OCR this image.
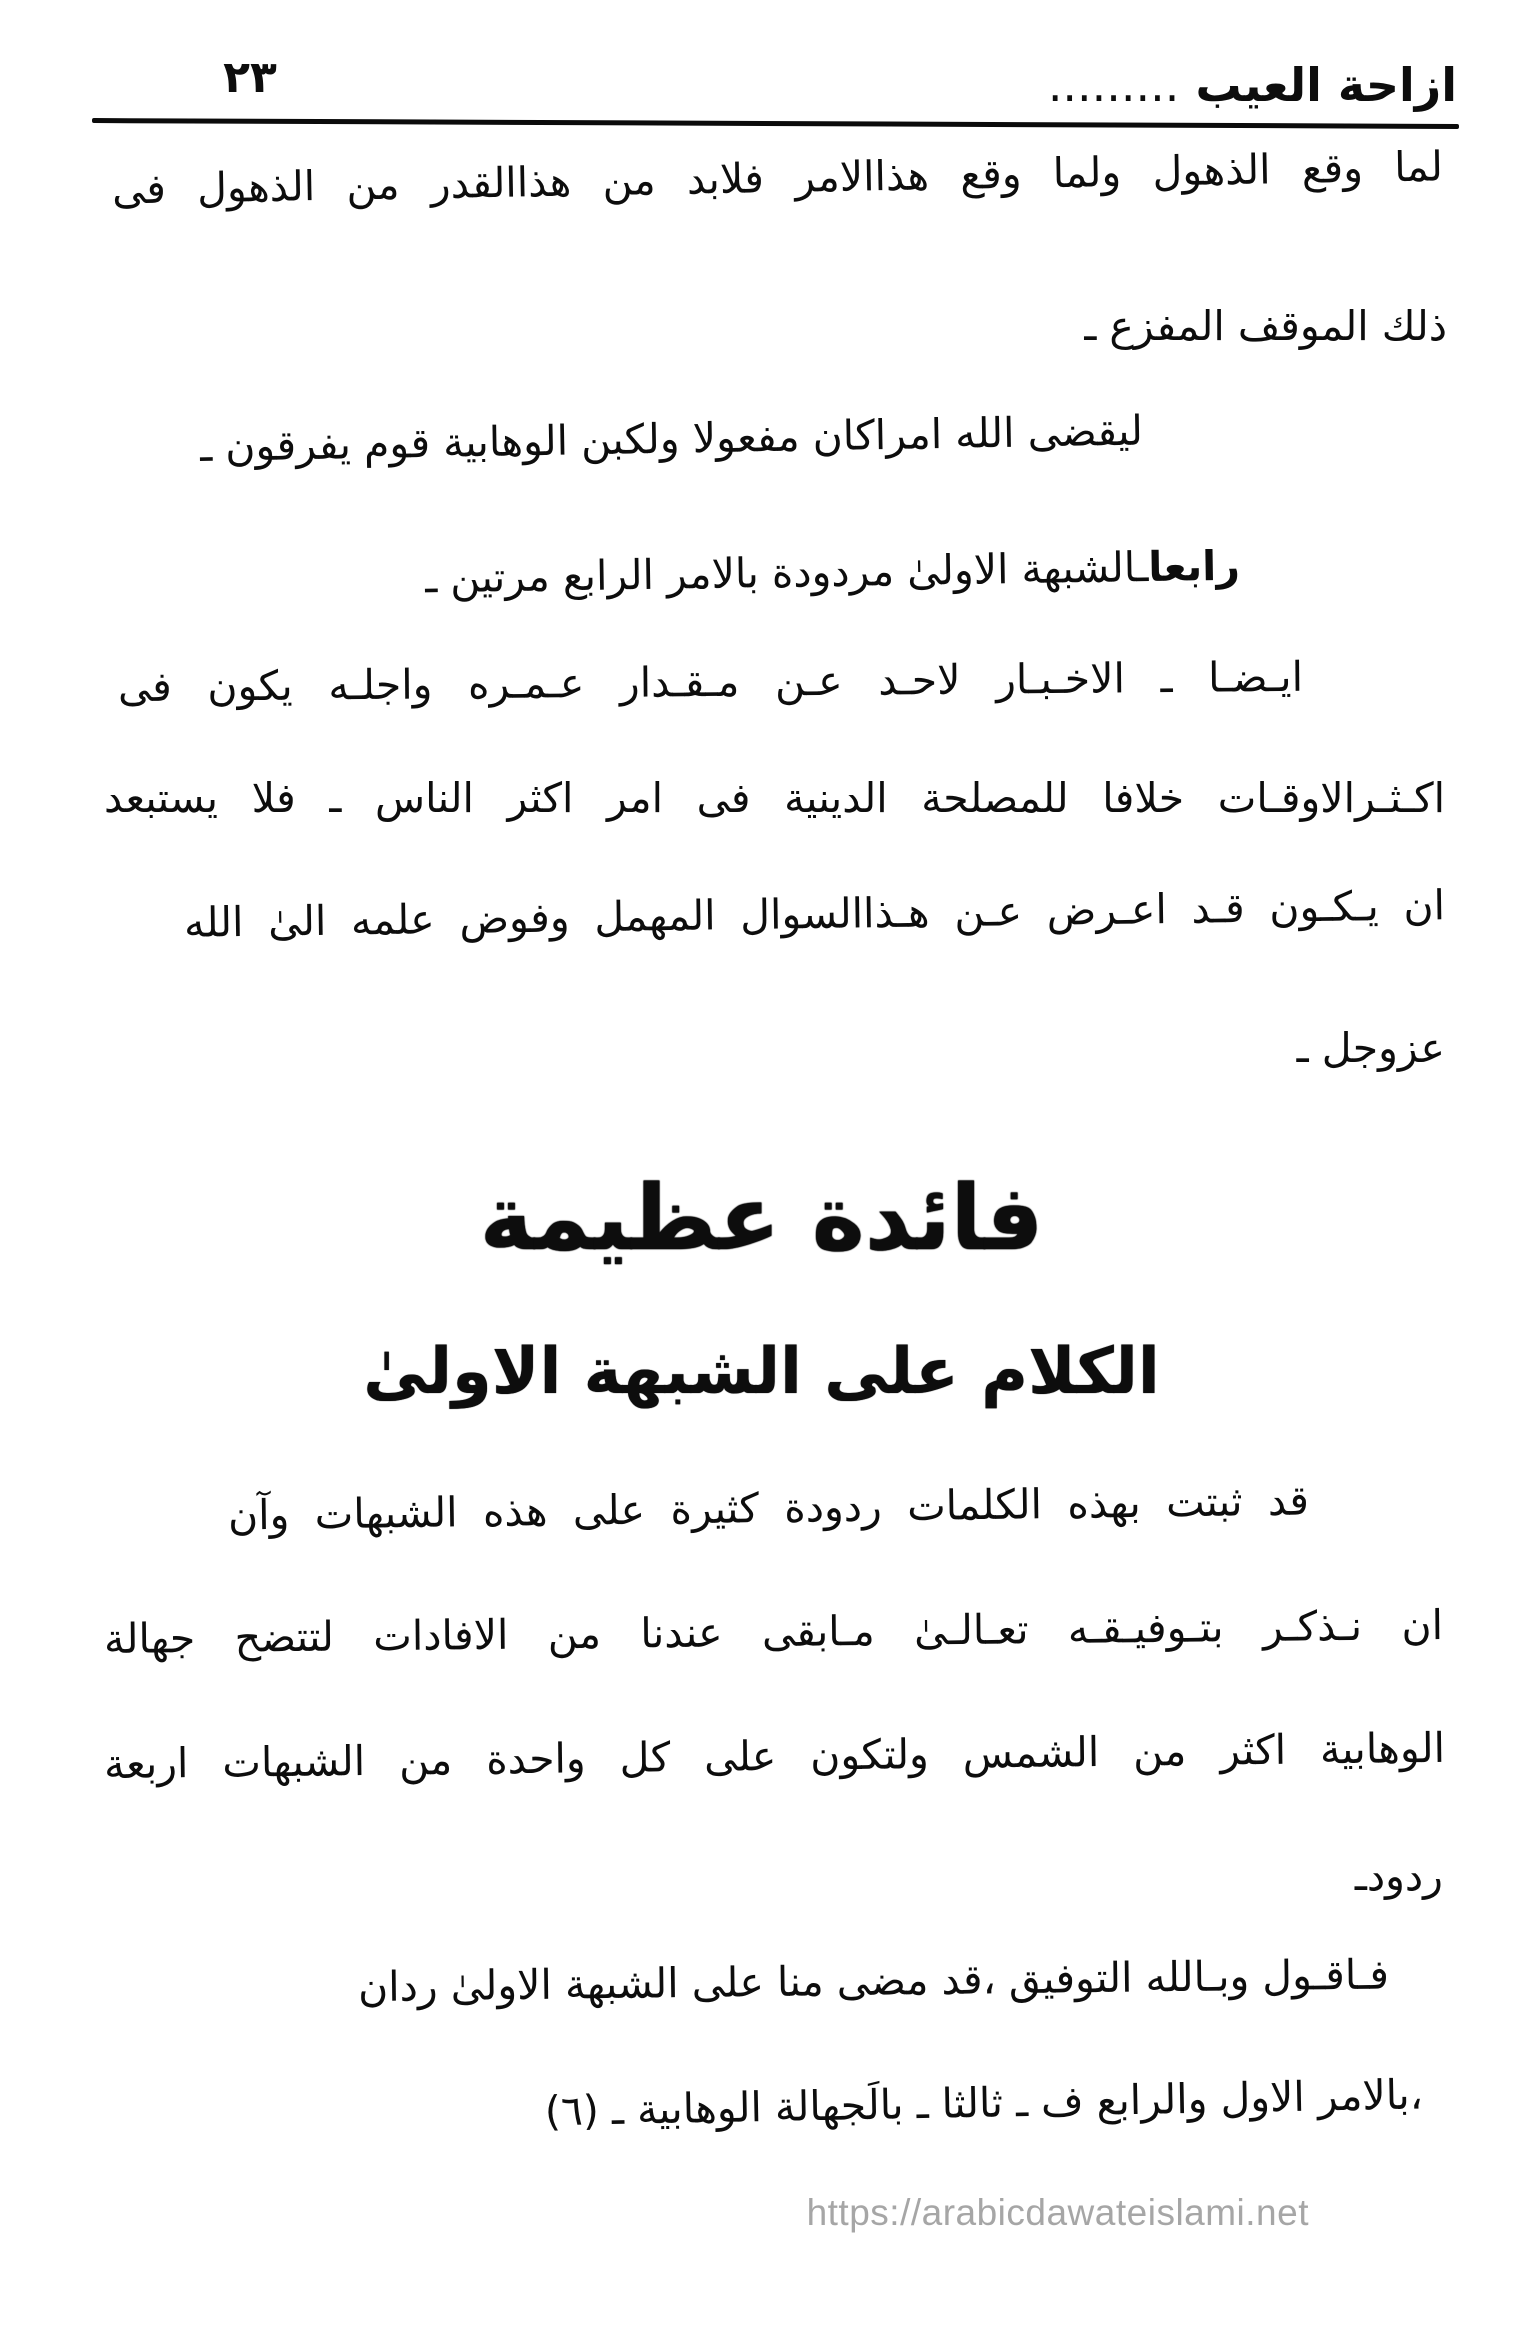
٢٣	ازاحة العيب .........
لما وقع الذهول ولما وقع هذاالامر فلابد من هذاالقدر من الذهول فى
ذلك الموقف المفزع ـ
ليقضى الله امراكان مفعولا ولكبن الوهابية قوم يفرقون ـ
رابعاـالشبهة الاولىٰ مردودة بالامر الرابع مرتين ـ
ايـضـا ـ الاخـبـار لاحـد عـن مـقـدار عـمـره واجلـه يكون فى
اكـثـرالاوقـات خلافا للمصلحة الدينية فى امر اكثر الناس ـ فلا يستبعد
ان يـكـون قـد اعـرض عـن هـذاالسوال المهمل وفوض علمه الىٰ الله
عزوجل ـ
فائدة عظيمة
الكلام على الشبهة الاولىٰ
قد ثبتت بهذه الكلمات ردودة كثيرة على هذه الشبهات وآن
ان نـذكـر بتـوفيـقـه تعـالـىٰ مـابقى عندنا من الافادات لتتضح جهالة
الوهابية اكثر من الشمس ولتكون على كل واحدة من الشبهات اربعة
ردودـ
فـاقـول وبـالله التوفيق ،قد مضى منا على الشبهة الاولىٰ ردان
،بالامر الاول والرابع ف ـ ثالثا ـ بالَجهالة الوهابية ـ (٦)
https://arabicdawateislami.net
